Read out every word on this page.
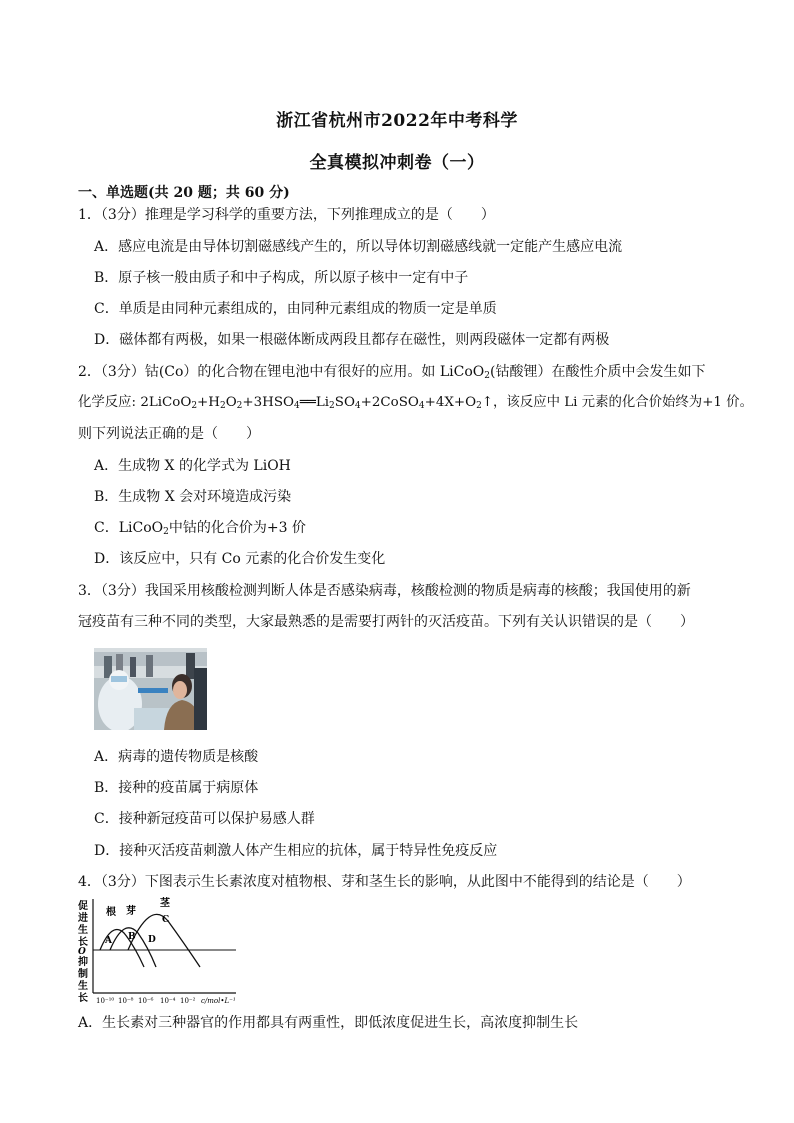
浙江省杭州市2022年中考科学
全真模拟冲刺卷（一）
一、单选题(共 20 题；共 60 分)
1．（3分）推理是学习科学的重要方法，下列推理成立的是（　　）
A．感应电流是由导体切割磁感线产生的，所以导体切割磁感线就一定能产生感应电流
B．原子核一般由质子和中子构成，所以原子核中一定有中子
C．单质是由同种元素组成的，由同种元素组成的物质一定是单质
D．磁体都有两极，如果一根磁体断成两段且都存在磁性，则两段磁体一定都有两极
2．（3分）钴(Co）的化合物在锂电池中有很好的应用。如 LiCoO$_2$(钴酸锂）在酸性介质中会发生如下
化学反应: $2LiCoO_2+H_2O_2+3HSO_4══Li_2SO_4+2CoSO_4+4X+O_2↑$，该反应中 Li 元素的化合价始终为+1 价。
则下列说法正确的是（　　）
A．生成物 X 的化学式为 LiOH
B．生成物 X 会对环境造成污染
C．LiCoO$_2$中钴的化合价为+3 价
D．该反应中，只有 Co 元素的化合价发生变化
3．（3分）我国采用核酸检测判断人体是否感染病毒，核酸检测的物质是病毒的核酸；我国使用的新
冠疫苗有三种不同的类型，大家最熟悉的是需要打两针的灭活疫苗。下列有关认识错误的是（　　）
A．病毒的遗传物质是核酸
B．接种的疫苗属于病原体
C．接种新冠疫苗可以保护易感人群
D．接种灭活疫苗刺激人体产生相应的抗体，属于特异性免疫反应
4．（3分）下图表示生长素浓度对植物根、芽和茎生长的影响，从此图中不能得到的结论是（　　）
促
进
生
长
O
抑
制
生
长
根 芽
茎
A B
C
D
10⁻¹⁰ 10⁻⁸ 10⁻⁶ 10⁻⁴ 10⁻² c/mol•L⁻¹
A．生长素对三种器官的作用都具有两重性，即低浓度促进生长，高浓度抑制生长
